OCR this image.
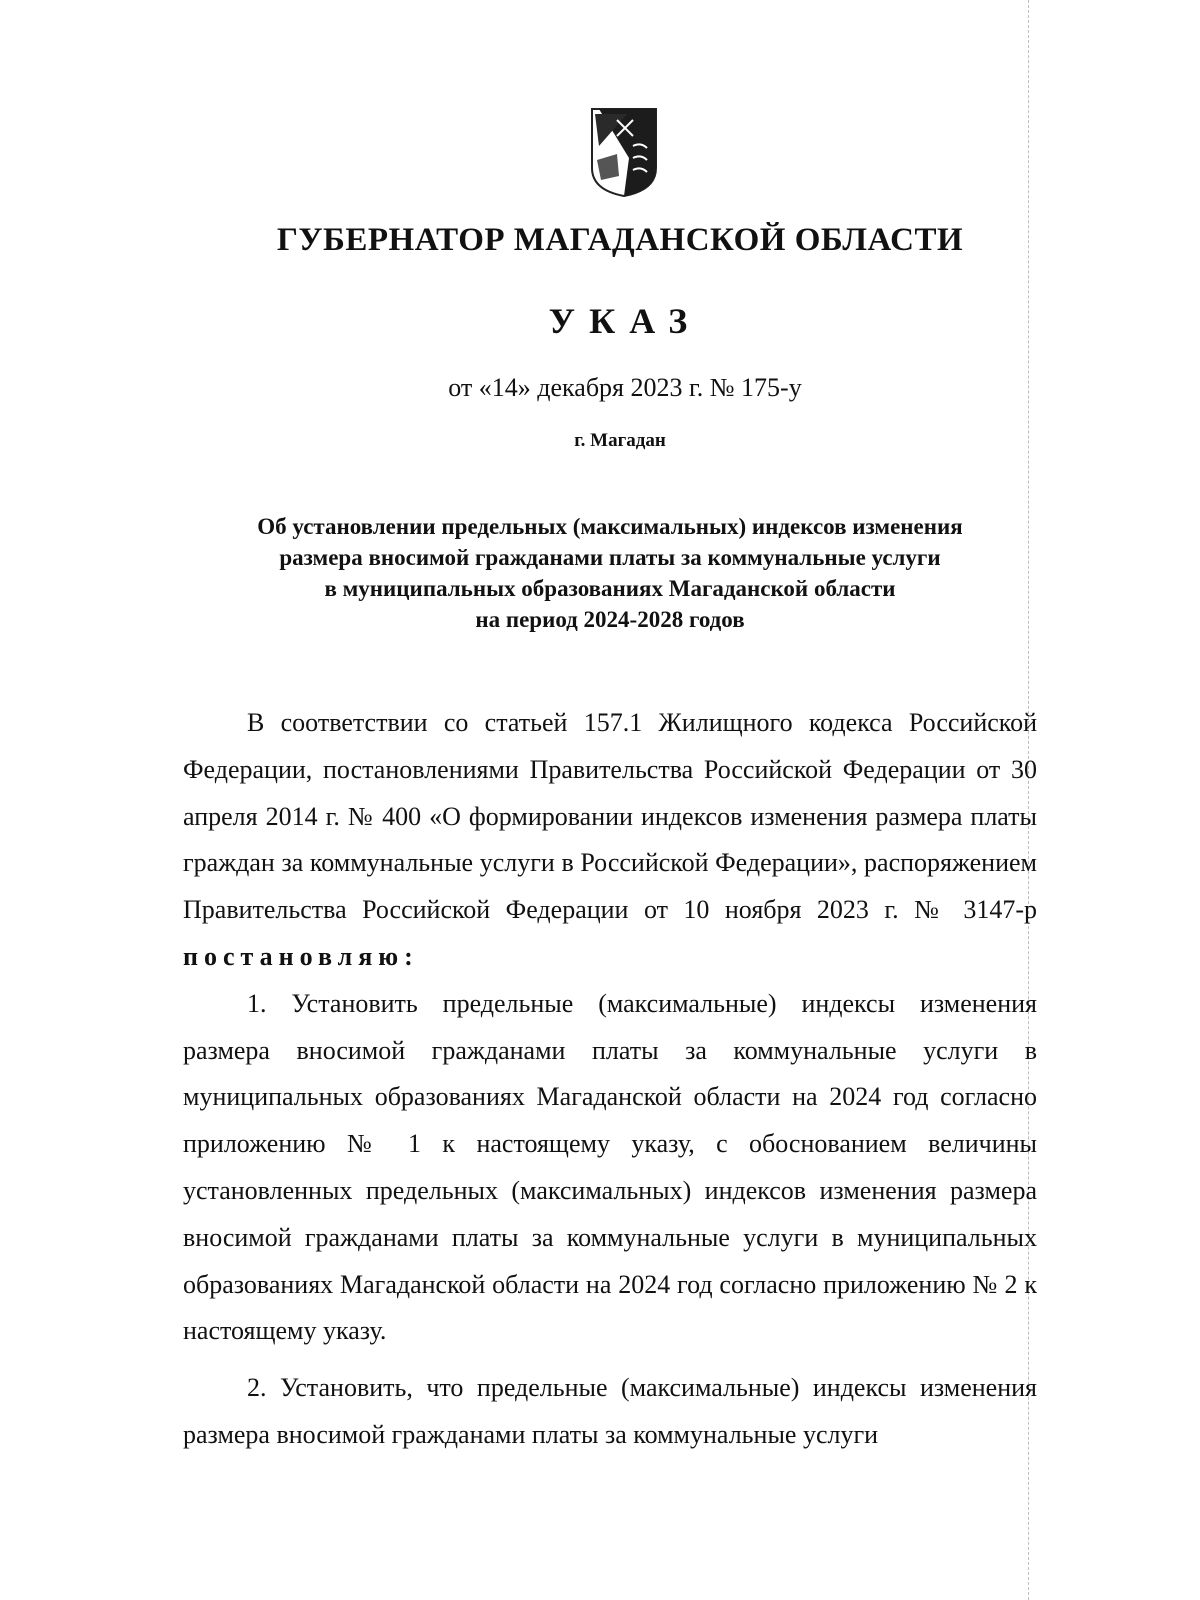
ГУБЕРНАТОР МАГАДАНСКОЙ ОБЛАСТИ
УКАЗ
от «14» декабря 2023 г. № 175-у
г. Магадан
Об установлении предельных (максимальных) индексов изменения
размера вносимой гражданами платы за коммунальные услуги
в муниципальных образованиях Магаданской области
на период 2024-2028 годов

В соответствии со статьей 157.1 Жилищного кодекса Российской Федерации, постановлениями Правительства Российской Федерации от 30 апреля 2014 г. № 400 «О формировании индексов изменения размера платы граждан за коммунальные услуги в Российской Федерации», распоряжением Правительства Российской Федерации от 10 ноября 2023 г. № 3147-р постановляю:

1. Установить предельные (максимальные) индексы изменения размера вносимой гражданами платы за коммунальные услуги в муниципальных образованиях Магаданской области на 2024 год согласно приложению № 1 к настоящему указу, с обоснованием величины установленных предельных (максимальных) индексов изменения размера вносимой гражданами платы за коммунальные услуги в муниципальных образованиях Магаданской области на 2024 год согласно приложению № 2 к настоящему указу.

2. Установить, что предельные (максимальные) индексы изменения размера вносимой гражданами платы за коммунальные услуги
